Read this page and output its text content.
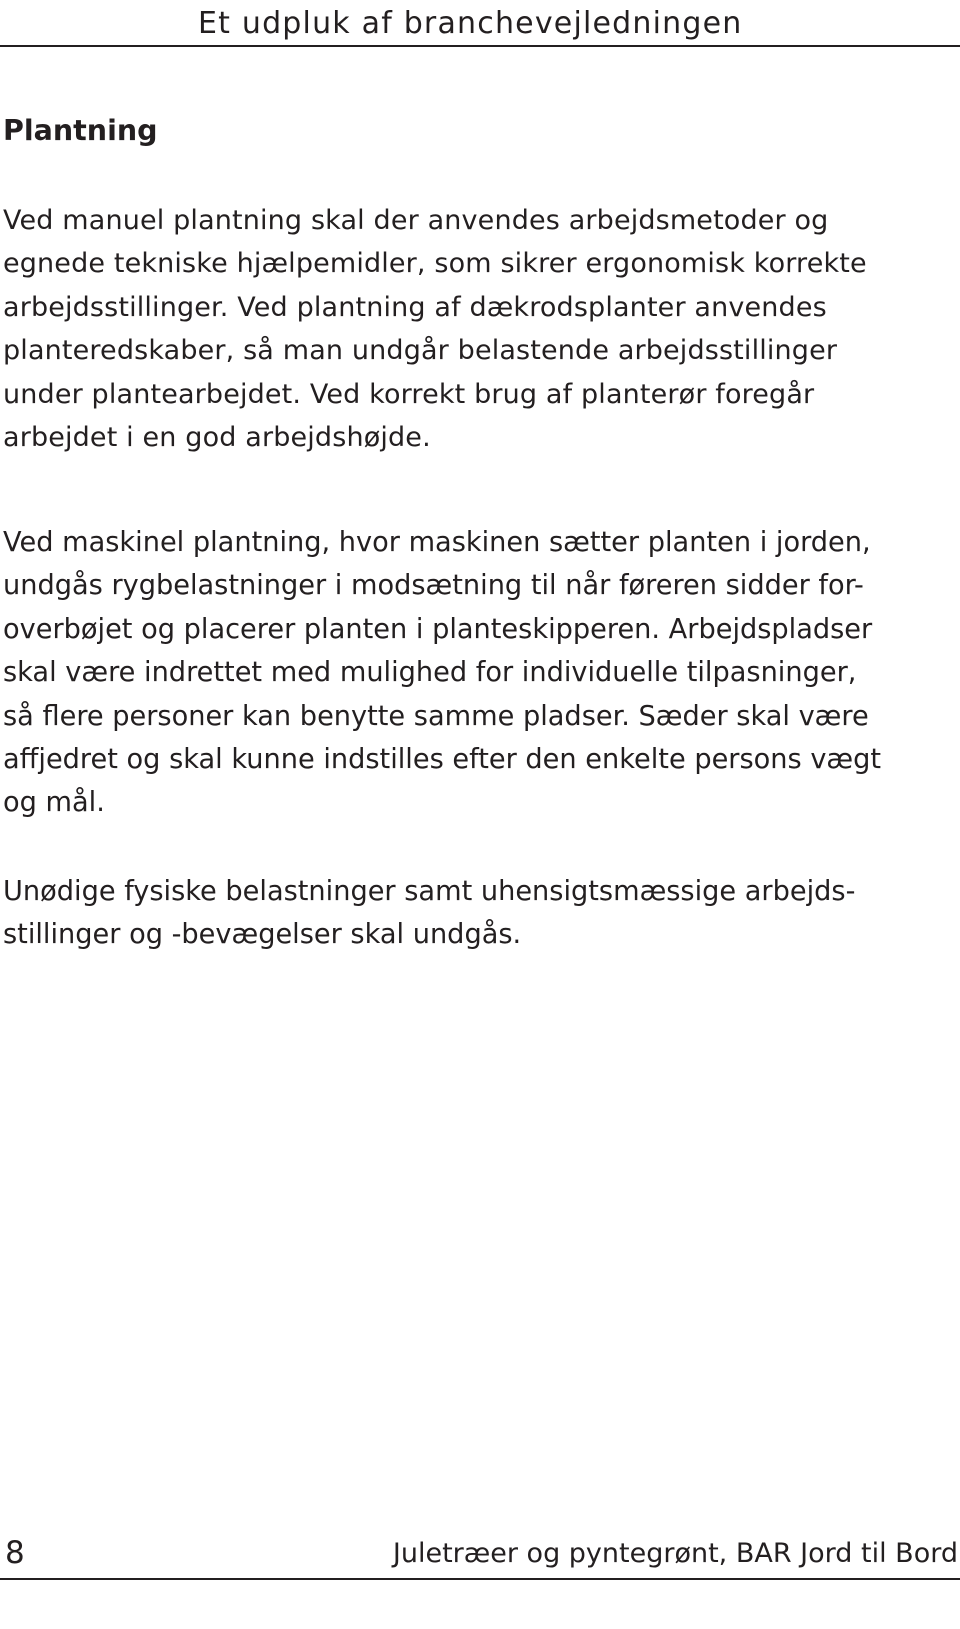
Et udpluk af branchevejledningen
Plantning

Ved manuel plantning skal der anvendes arbejdsmetoder og
egnede tekniske hjælpemidler, som sikrer ergonomisk korrekte
arbejdsstillinger. Ved plantning af dækrodsplanter anvendes
planteredskaber, så man undgår belastende arbejdsstillinger
under plantearbejdet. Ved korrekt brug af planterør foregår
arbejdet i en god arbejdshøjde.

Ved maskinel plantning, hvor maskinen sætter planten i jorden,
undgås rygbelastninger i modsætning til når føreren sidder for-
overbøjet og placerer planten i planteskipperen. Arbejdspladser
skal være indrettet med mulighed for individuelle tilpasninger,
så flere personer kan benytte samme pladser. Sæder skal være
affjedret og skal kunne indstilles efter den enkelte persons vægt
og mål.

Unødige fysiske belastninger samt uhensigtsmæssige arbejds-
stillinger og -bevægelser skal undgås.

8	Juletræer og pyntegrønt, BAR Jord til Bord
